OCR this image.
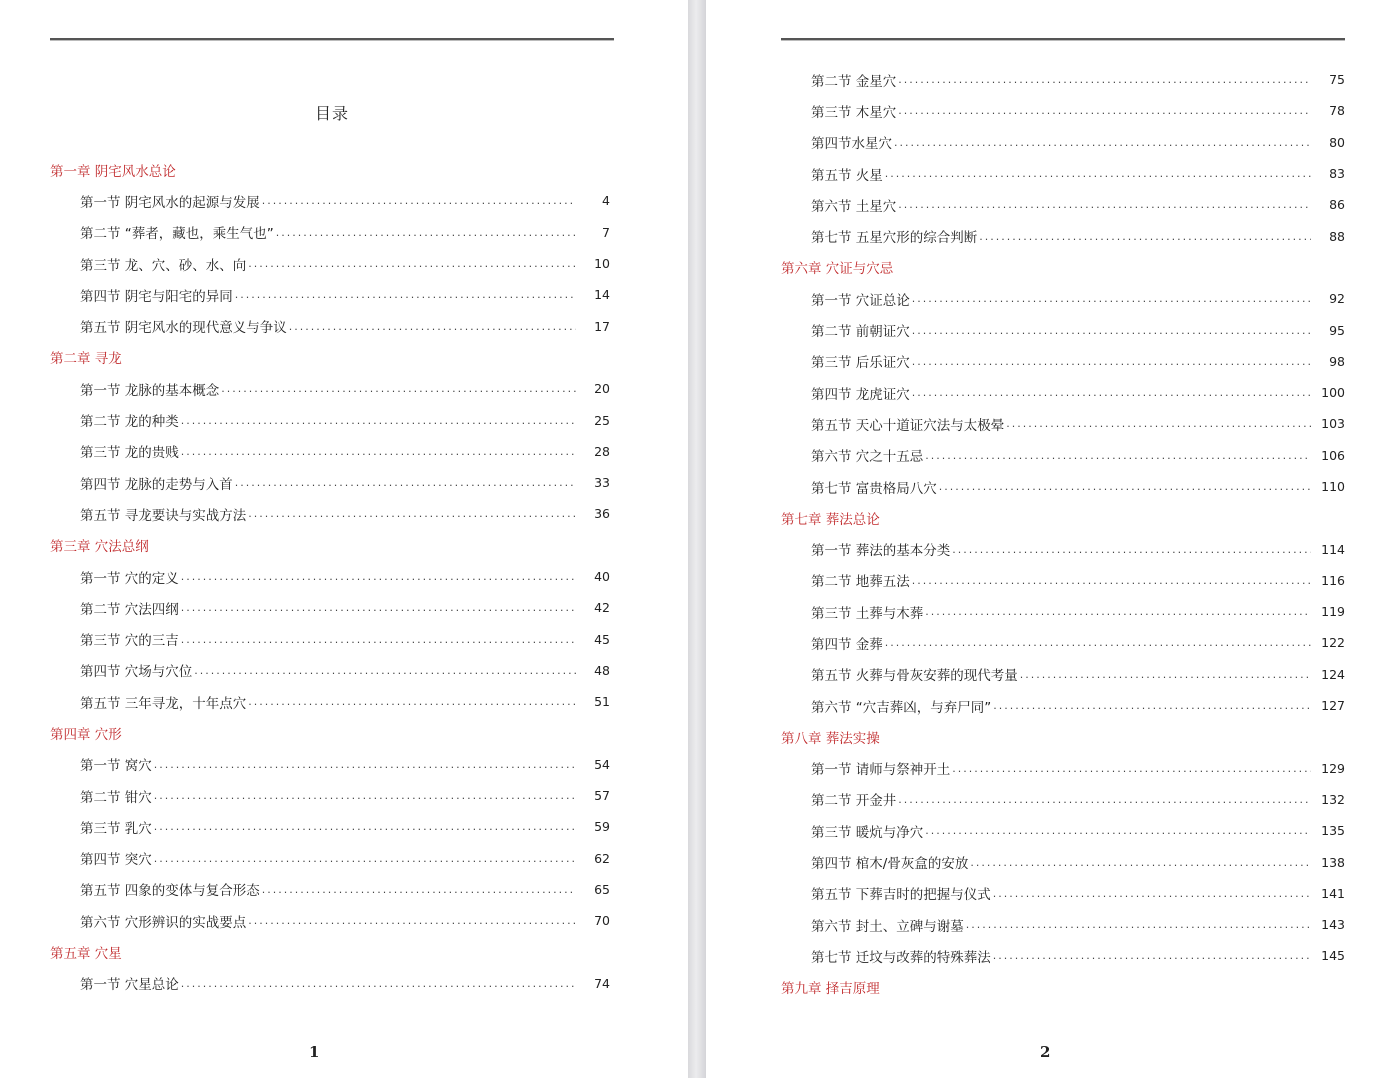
目录
第一章 阴宅风水总论
第一节 阴宅风水的起源与发展 .....	4
第二节 “葬者，藏也，乘生气也” .....	7
第三节 龙、穴、砂、水、向 .....	10
第四节 阴宅与阳宅的异同 .....	14
第五节 阴宅风水的现代意义与争议 .....	17
第二章 寻龙
第一节 龙脉的基本概念 .....	20
第二节 龙的种类 .....	25
第三节 龙的贵贱 .....	28
第四节 龙脉的走势与入首 .....	33
第五节 寻龙要诀与实战方法 .....	36
第三章 穴法总纲
第一节 穴的定义 .....	40
第二节 穴法四纲 .....	42
第三节 穴的三吉 .....	45
第四节 穴场与穴位 .....	48
第五节 三年寻龙，十年点穴 .....	51
第四章 穴形
第一节 窝穴 .....	54
第二节 钳穴 .....	57
第三节 乳穴 .....	59
第四节 突穴 .....	62
第五节 四象的变体与复合形态 .....	65
第六节 穴形辨识的实战要点 .....	70
第五章 穴星
第一节 穴星总论 .....	74
1
第二节 金星穴 .....	75
第三节 木星穴 .....	78
第四节水星穴 .....	80
第五节 火星 .....	83
第六节 土星穴 .....	86
第七节 五星穴形的综合判断 .....	88
第六章 穴证与穴忌
第一节 穴证总论 .....	92
第二节 前朝证穴 .....	95
第三节 后乐证穴 .....	98
第四节 龙虎证穴 .....	100
第五节 天心十道证穴法与太极晕 .....	103
第六节 穴之十五忌 .....	106
第七节 富贵格局八穴 .....	110
第七章 葬法总论
第一节 葬法的基本分类 .....	114
第二节 地葬五法 .....	116
第三节 土葬与木葬 .....	119
第四节 金葬 .....	122
第五节 火葬与骨灰安葬的现代考量 .....	124
第六节 “穴吉葬凶，与弃尸同” .....	127
第八章 葬法实操
第一节 请师与祭神开土 .....	129
第二节 开金井 .....	132
第三节 暖炕与净穴 .....	135
第四节 棺木/骨灰盒的安放 .....	138
第五节 下葬吉时的把握与仪式 .....	141
第六节 封土、立碑与谢墓 .....	143
第七节 迁坟与改葬的特殊葬法 .....	145
第九章 择吉原理
2
